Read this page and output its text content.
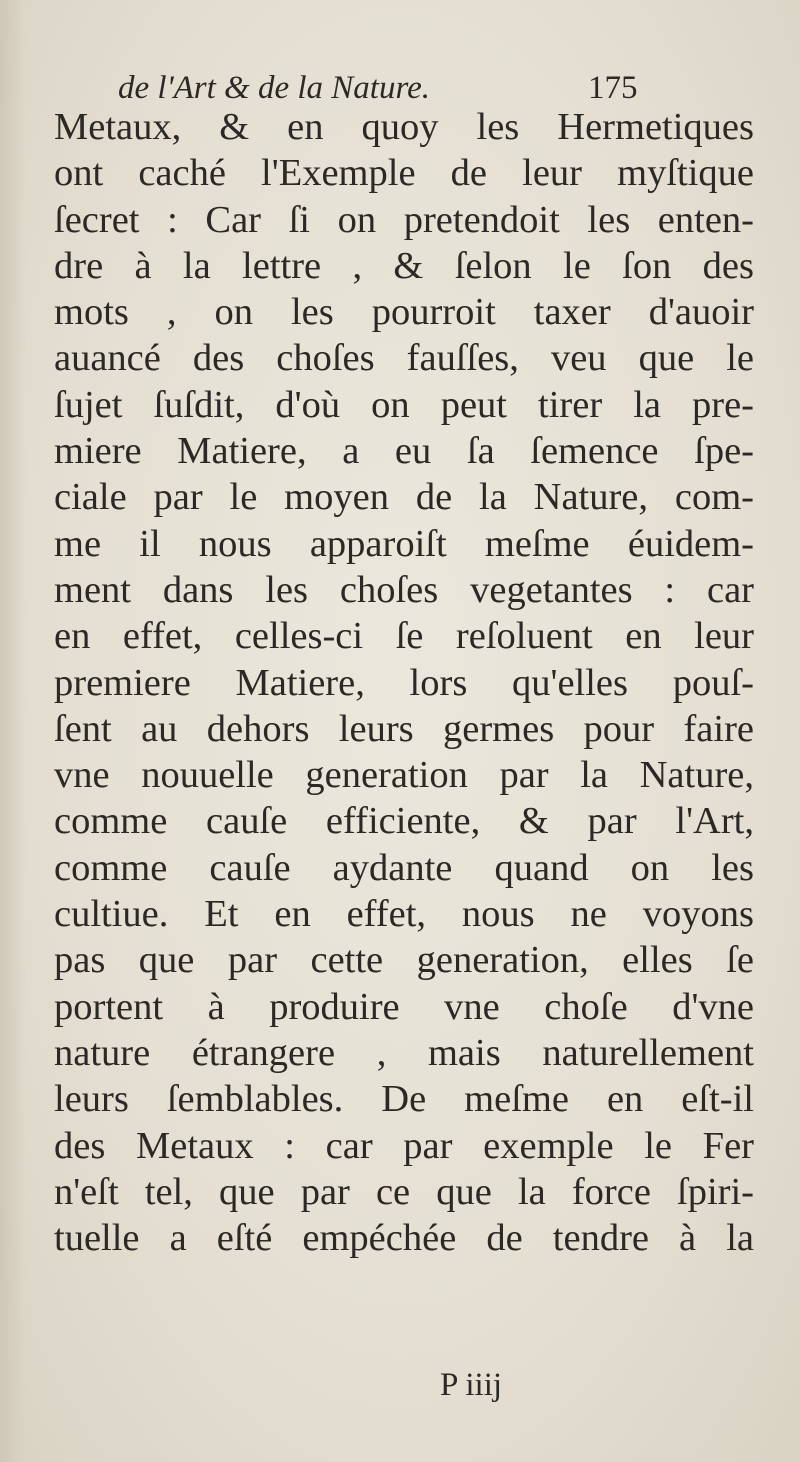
de l'Art & de la Nature.	175
Metaux, & en quoy les Hermetiques
ont caché l'Exemple de leur myſtique
ſecret : Car ſi on pretendoit les enten-
dre à la lettre , & ſelon le ſon des
mots , on les pourroit taxer d'auoir
auancé des choſes fauſſes, veu que le
ſujet ſuſdit, d'où on peut tirer la pre-
miere Matiere, a eu ſa ſemence ſpe-
ciale par le moyen de la Nature, com-
me il nous apparoiſt meſme éuidem-
ment dans les choſes vegetantes : car
en effet, celles-ci ſe reſoluent en leur
premiere Matiere, lors qu'elles pouſ-
ſent au dehors leurs germes pour faire
vne nouuelle generation par la Nature,
comme cauſe efficiente, & par l'Art,
comme cauſe aydante quand on les
cultiue. Et en effet, nous ne voyons
pas que par cette generation, elles ſe
portent à produire vne choſe d'vne
nature étrangere , mais naturellement
leurs ſemblables. De meſme en eſt-il
des Metaux : car par exemple le Fer
n'eſt tel, que par ce que la force ſpiri-
tuelle a eſté empéchée de tendre à la
P iiij
